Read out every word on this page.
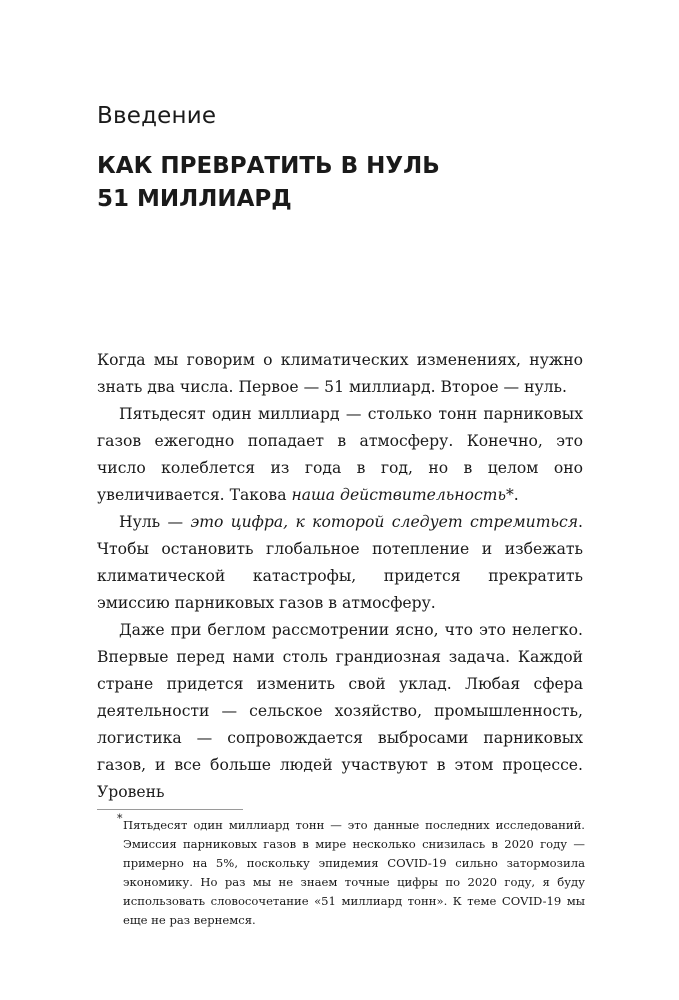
Введение
КАК ПРЕВРАТИТЬ В НУЛЬ
51 МИЛЛИАРД

Когда мы говорим о климатических изменениях, нужно знать два числа. Первое — 51 миллиард. Второе — нуль.

Пятьдесят один миллиард — столько тонн парниковых газов ежегодно попадает в атмосферу. Конечно, это число колеблется из года в год, но в целом оно увеличивается. Такова наша действительность*.

Нуль — это цифра, к которой следует стремиться. Чтобы остановить глобальное потепление и избежать климатической катастрофы, придется прекратить эмиссию парниковых газов в атмосферу.

Даже при беглом рассмотрении ясно, что это нелегко. Впервые перед нами столь грандиозная задача. Каждой стране придется изменить свой уклад. Любая сфера деятельности — сельское хозяйство, промышленность, логистика — сопровождается выбросами парниковых газов, и все больше людей участвуют в этом процессе. Уровень

* Пятьдесят один миллиард тонн — это данные последних исследований. Эмиссия парниковых газов в мире несколько снизилась в 2020 году — примерно на 5%, поскольку эпидемия COVID-19 сильно затормозила экономику. Но раз мы не знаем точные цифры по 2020 году, я буду использовать словосочетание «51 миллиард тонн». К теме COVID-19 мы еще не раз вернемся.
